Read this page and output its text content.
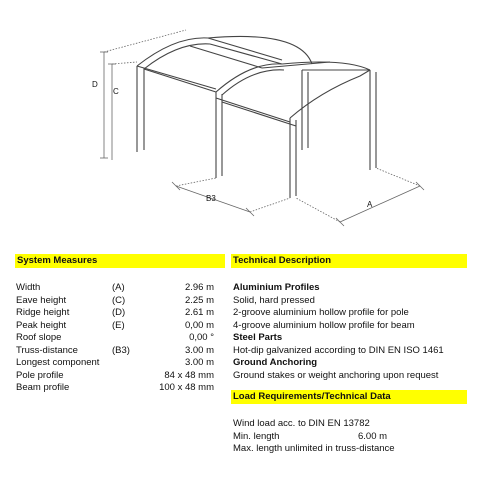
D
C
B3
A
System Measures
Width	(A)	2.96 m
Eave height	(C)	2.25 m
Ridge height	(D)	2.61 m
Peak height	(E)	0,00 m
Roof slope	0,00 °
Truss-distance	(B3)	3.00 m
Longest component	3.00 m
Pole profile	84 x 48 mm
Beam profile	100 x 48 mm
Technical Description
Aluminium Profiles
Solid, hard pressed
2-groove aluminium hollow profile for pole
4-groove aluminium hollow profile for beam
Steel Parts
Hot-dip galvanized according to DIN EN ISO 1461
Ground Anchoring
Ground stakes or weight anchoring upon request
Load Requirements/Technical Data
Wind load acc. to DIN EN 13782
Min. length	6.00 m
Max. length unlimited in truss-distance
